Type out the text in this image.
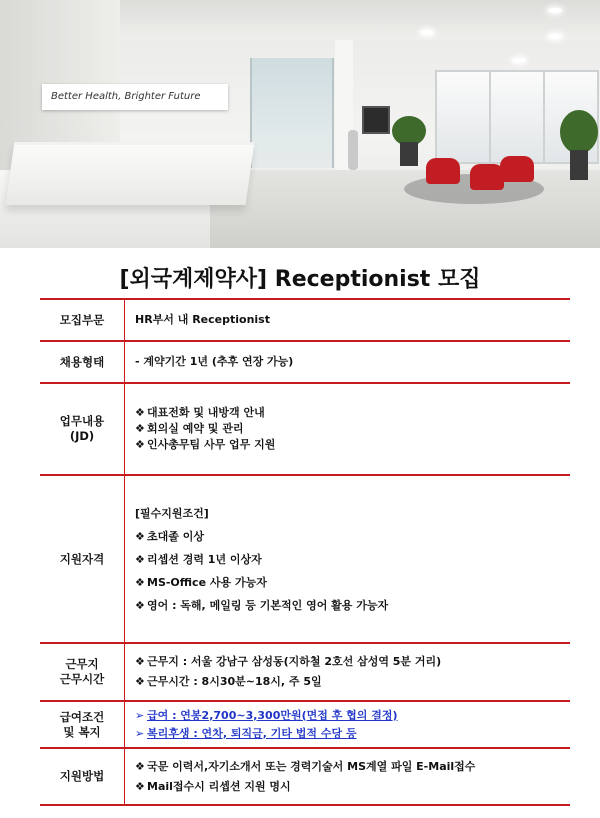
Better Health, Brighter Future
[외국계제약사] Receptionist 모집
모집부문	HR부서 내 Receptionist
채용형태	- 계약기간 1년 (추후 연장 가능)
업무내용
(JD)
❖ 대표전화 및 내방객 안내
❖ 회의실 예약 및 관리
❖ 인사총무팀 사무 업무 지원
지원자격
[필수지원조건]
❖ 초대졸 이상
❖ 리셉션 경력 1년 이상자
❖ MS-Office 사용 가능자
❖ 영어 : 독해, 메일링 등 기본적인 영어 활용 가능자
근무지
근무시간
❖ 근무지 : 서울 강남구 삼성동(지하철 2호선 삼성역 5분 거리)
❖ 근무시간 : 8시30분~18시, 주 5일
급여조건
및 복지
➢ 급여 : 연봉2,700~3,300만원(면접 후 협의 결정)
➢ 복리후생 : 연차, 퇴직금, 기타 법적 수당 등
지원방법
❖ 국문 이력서,자기소개서 또는 경력기술서 MS계열 파일 E-Mail접수
❖ Mail접수시 리셉션 지원 명시
